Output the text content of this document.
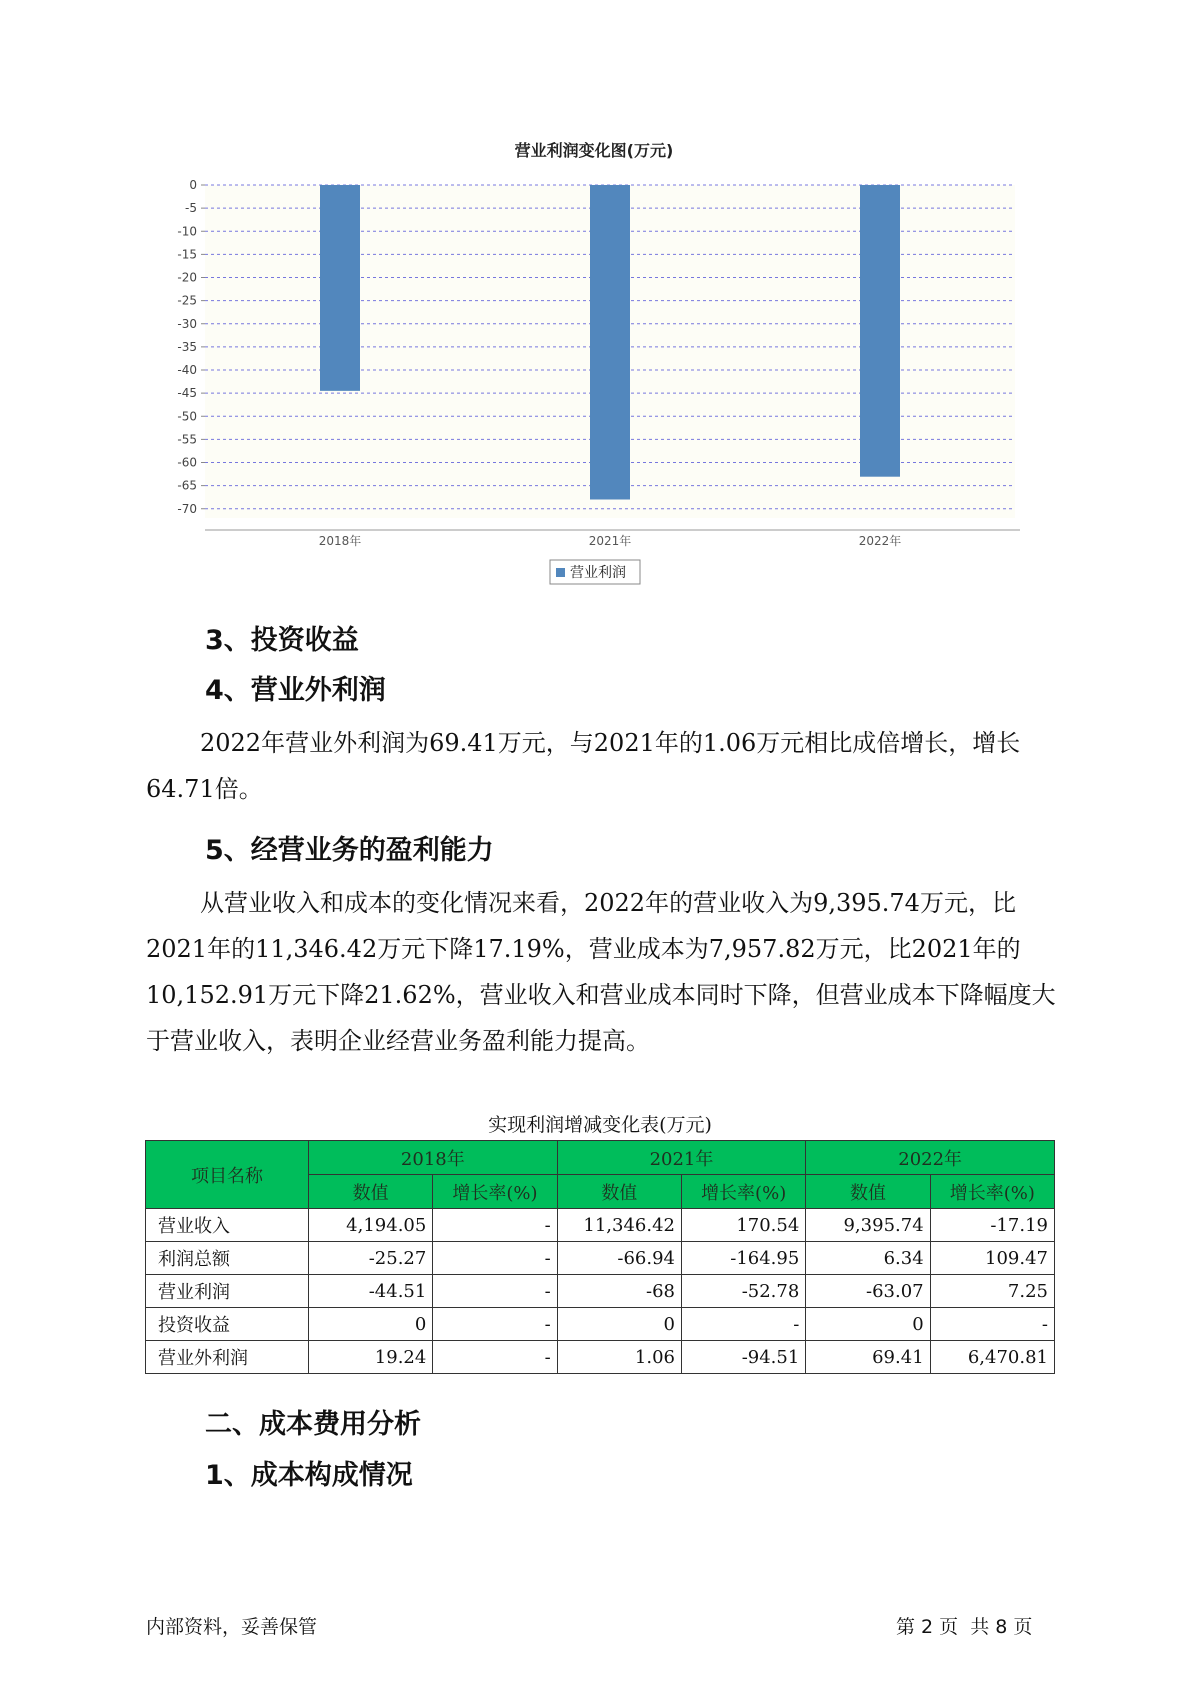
营业利润变化图(万元)
0
-5
-10
-15
-20
-25
-30
-35
-40
-45
-50
-55
-60
-65
-70
2018年	2021年	2022年
营业利润
3、投资收益
4、营业外利润

2022年营业外利润为69.41万元，与2021年的1.06万元相比成倍增长，增长64.71倍。

5、经营业务的盈利能力

从营业收入和成本的变化情况来看，2022年的营业收入为9,395.74万元，比2021年的11,346.42万元下降17.19%，营业成本为7,957.82万元，比2021年的10,152.91万元下降21.62%，营业收入和营业成本同时下降，但营业成本下降幅度大于营业收入，表明企业经营业务盈利能力提高。

实现利润增减变化表(万元)
项目名称	2018年		2021年		2022年	
	数值	增长率(%)	数值	增长率(%)	数值	增长率(%)
营业收入	4,194.05	-	11,346.42	170.54	9,395.74	-17.19
利润总额	-25.27	-	-66.94	-164.95	6.34	109.47
营业利润	-44.51	-	-68	-52.78	-63.07	7.25
投资收益	0	-	0	-	0	-
营业外利润	19.24	-	1.06	-94.51	69.41	6,470.81
二、成本费用分析
1、成本构成情况
内部资料，妥善保管	第 2 页  共 8 页
